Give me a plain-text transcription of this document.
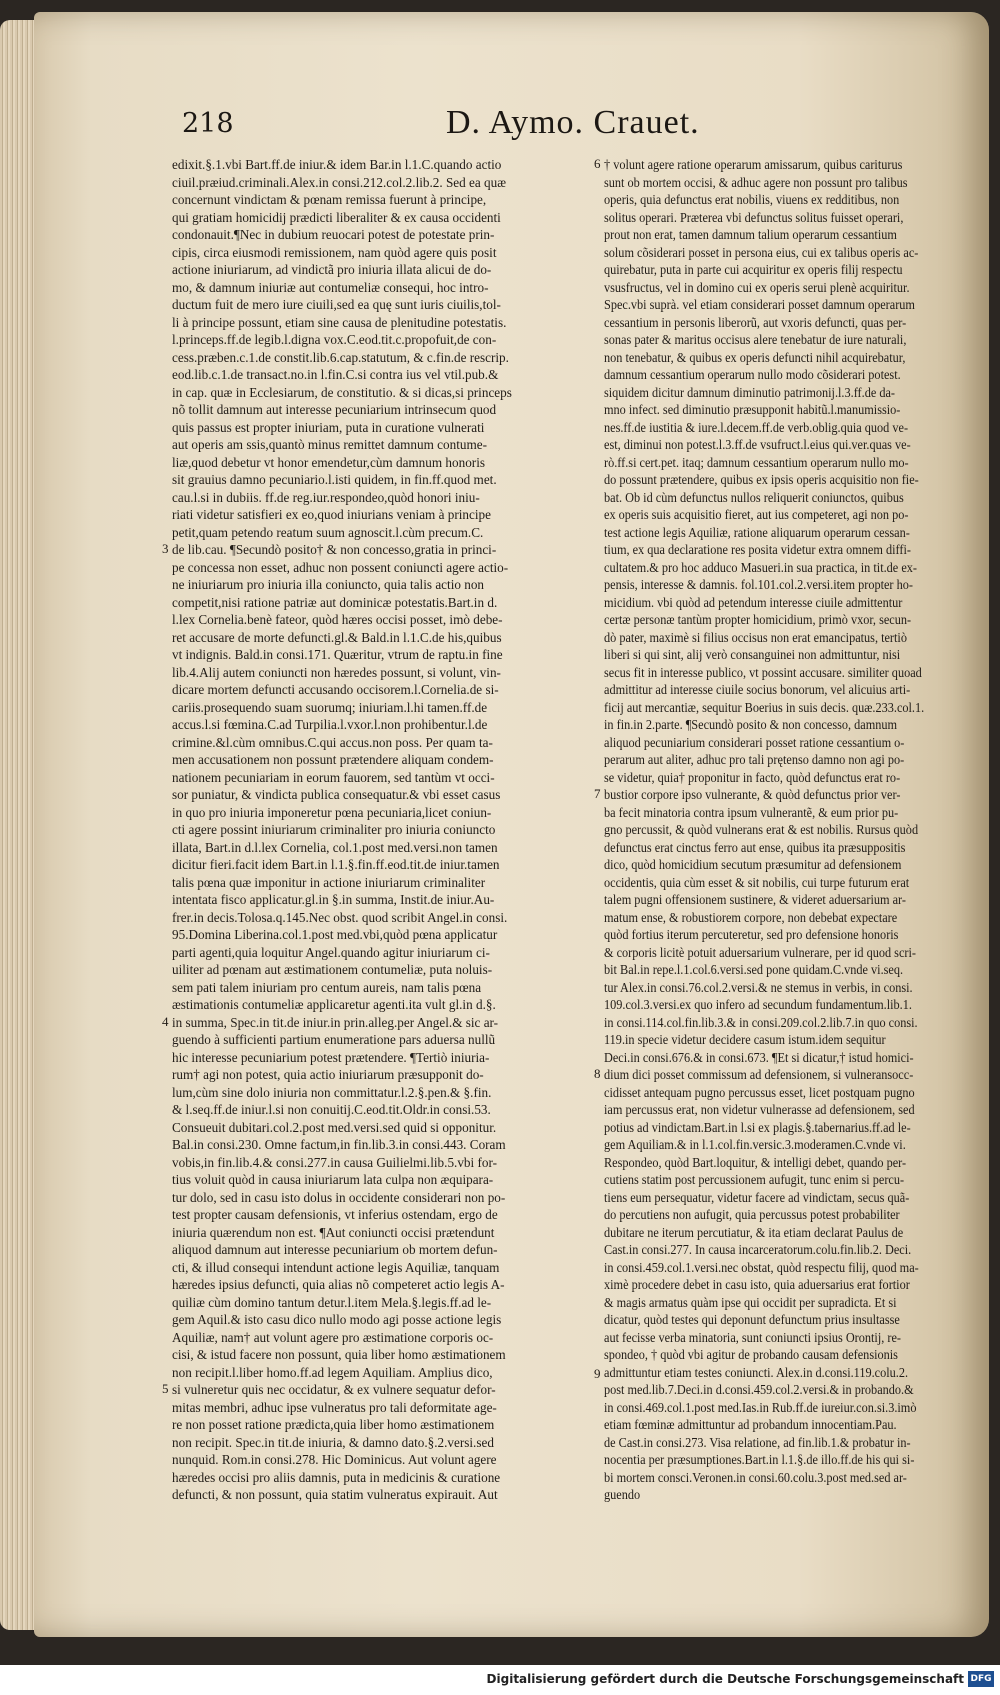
218	D. Aymo. Crauet.
edixit.§.1.vbi Bart.ff.de iniur.& idem Bar.in l.1.C.quando actio
ciuil.præiud.criminali.Alex.in consi.212.col.2.lib.2. Sed ea quæ
concernunt vindictam & pœnam remissa fuerunt à principe,
qui gratiam homicidij prædicti liberaliter & ex causa occidenti
condonauit.¶Nec in dubium reuocari potest de potestate prin-
cipis, circa eiusmodi remissionem, nam quòd agere quis posit
actione iniuriarum, ad vindictã pro iniuria illata alicui de do-
mo, & damnum iniuriæ aut contumeliæ consequi, hoc intro-
ductum fuit de mero iure ciuili,sed ea quę sunt iuris ciuilis,tol-
li à principe possunt, etiam sine causa de plenitudine potestatis.
l.princeps.ff.de legib.l.digna vox.C.eod.tit.c.propofuit,de con-
cess.præben.c.1.de constit.lib.6.cap.statutum, & c.fin.de rescrip.
eod.lib.c.1.de transact.no.in l.fin.C.si contra ius vel vtil.pub.&
in cap. quæ in Ecclesiarum, de constitutio. & si dicas,si princeps
nõ tollit damnum aut interesse pecuniarium intrinsecum quod
quis passus est propter iniuriam, puta in curatione vulnerati
aut operis am ssis,quantò minus remittet damnum contume-
liæ,quod debetur vt honor emendetur,cùm damnum honoris
sit grauius damno pecuniario.l.isti quidem, in fin.ff.quod met.
cau.l.si in dubiis. ff.de reg.iur.respondeo,quòd honori iniu-
riati videtur satisfieri ex eo,quod iniurians veniam à principe
petit,quam petendo reatum suum agnoscit.l.cùm precum.C.
de lib.cau. ¶Secundò posito† & non concesso,gratia in princi-
pe concessa non esset, adhuc non possent coniuncti agere actio-
ne iniuriarum pro iniuria illa coniuncto, quia talis actio non
competit,nisi ratione patriæ aut dominicæ potestatis.Bart.in d.
l.lex Cornelia.benè fateor, quòd hæres occisi posset, imò debe-
ret accusare de morte defuncti.gl.& Bald.in l.1.C.de his,quibus
vt indignis. Bald.in consi.171. Quæritur, vtrum de raptu.in fine
lib.4.Alij autem coniuncti non hæredes possunt, si volunt, vin-
dicare mortem defuncti accusando occisorem.l.Cornelia.de si-
cariis.prosequendo suam suorumq; iniuriam.l.hi tamen.ff.de
accus.l.si fœmina.C.ad Turpilia.l.vxor.l.non prohibentur.l.de
crimine.&l.cùm omnibus.C.qui accus.non poss. Per quam ta-
men accusationem non possunt prætendere aliquam condem-
nationem pecuniariam in eorum fauorem, sed tantùm vt occi-
sor puniatur, & vindicta publica consequatur.& vbi esset casus
in quo pro iniuria imponeretur pœna pecuniaria,licet coniun-
cti agere possint iniuriarum criminaliter pro iniuria coniuncto
illata, Bart.in d.l.lex Cornelia, col.1.post med.versi.non tamen
dicitur fieri.facit idem Bart.in l.1.§.fin.ff.eod.tit.de iniur.tamen
talis pœna quæ imponitur in actione iniuriarum criminaliter
intentata fisco applicatur.gl.in §.in summa, Instit.de iniur.Au-
frer.in decis.Tolosa.q.145.Nec obst. quod scribit Angel.in consi.
95.Domina Liberina.col.1.post med.vbi,quòd pœna applicatur
parti agenti,quia loquitur Angel.quando agitur iniuriarum ci-
uiliter ad pœnam aut æstimationem contumeliæ, puta noluis-
sem pati talem iniuriam pro centum aureis, nam talis pœna
æstimationis contumeliæ applicaretur agenti.ita vult gl.in d.§.
in summa, Spec.in tit.de iniur.in prin.alleg.per Angel.& sic ar-
guendo à sufficienti partium enumeratione pars aduersa nullũ
hic interesse pecuniarium potest prætendere. ¶Tertiò iniuria-
rum† agi non potest, quia actio iniuriarum præsupponit do-
lum,cùm sine dolo iniuria non committatur.l.2.§.pen.& §.fin.
& l.seq.ff.de iniur.l.si non conuitij.C.eod.tit.Oldr.in consi.53.
Consueuit dubitari.col.2.post med.versi.sed quid si opponitur.
Bal.in consi.230. Omne factum,in fin.lib.3.in consi.443. Coram
vobis,in fin.lib.4.& consi.277.in causa Guilielmi.lib.5.vbi for-
tius voluit quòd in causa iniuriarum lata culpa non æquipara-
tur dolo, sed in casu isto dolus in occidente considerari non po-
test propter causam defensionis, vt inferius ostendam, ergo de
iniuria quærendum non est. ¶Aut coniuncti occisi prætendunt
aliquod damnum aut interesse pecuniarium ob mortem defun-
cti, & illud consequi intendunt actione legis Aquiliæ, tanquam
hæredes ipsius defuncti, quia alias nõ competeret actio legis A-
quiliæ cùm domino tantum detur.l.item Mela.§.legis.ff.ad le-
gem Aquil.& isto casu dico nullo modo agi posse actione legis
Aquiliæ, nam† aut volunt agere pro æstimatione corporis oc-
cisi, & istud facere non possunt, quia liber homo æstimationem
non recipit.l.liber homo.ff.ad legem Aquiliam. Amplius dico,
si vulneretur quis nec occidatur, & ex vulnere sequatur defor-
mitas membri, adhuc ipse vulneratus pro tali deformitate age-
re non posset ratione prædicta,quia liber homo æstimationem
non recipit. Spec.in tit.de iniuria, & damno dato.§.2.versi.sed
nunquid. Rom.in consi.278. Hic Dominicus. Aut volunt agere
hæredes occisi pro aliis damnis, puta in medicinis & curatione
defuncti, & non possunt, quia statim vulneratus expirauit. Aut
† volunt agere ratione operarum amissarum, quibus cariturus
sunt ob mortem occisi, & adhuc agere non possunt pro talibus
operis, quia defunctus erat nobilis, viuens ex redditibus, non
solitus operari. Præterea vbi defunctus solitus fuisset operari,
prout non erat, tamen damnum talium operarum cessantium
solum cõsiderari posset in persona eius, cui ex talibus operis ac-
quirebatur, puta in parte cui acquiritur ex operis filij respectu
vsusfructus, vel in domino cui ex operis serui plenè acquiritur.
Spec.vbi suprà. vel etiam considerari posset damnum operarum
cessantium in personis liberorũ, aut vxoris defuncti, quas per-
sonas pater & maritus occisus alere tenebatur de iure naturali,
non tenebatur, & quibus ex operis defuncti nihil acquirebatur,
damnum cessantium operarum nullo modo cõsiderari potest.
siquidem dicitur damnum diminutio patrimonij.l.3.ff.de da-
mno infect. sed diminutio præsupponit habitũ.l.manumissio-
nes.ff.de iustitia & iure.l.decem.ff.de verb.oblig.quia quod ve-
est, diminui non potest.l.3.ff.de vsufruct.l.eius qui.ver.quas ve-
rò.ff.si cert.pet. itaq; damnum cessantium operarum nullo mo-
do possunt prætendere, quibus ex ipsis operis acquisitio non fie-
bat. Ob id cùm defunctus nullos reliquerit coniunctos, quibus
ex operis suis acquisitio fieret, aut ius competeret, agi non po-
test actione legis Aquiliæ, ratione aliquarum operarum cessan-
tium, ex qua declaratione res posita videtur extra omnem diffi-
cultatem.& pro hoc adduco Masueri.in sua practica, in tit.de ex-
pensis, interesse & damnis. fol.101.col.2.versi.item propter ho-
micidium. vbi quòd ad petendum interesse ciuile admittentur
certæ personæ tantùm propter homicidium, primò vxor, secun-
dò pater, maximè si filius occisus non erat emancipatus, tertiò
liberi si qui sint, alij verò consanguinei non admittuntur, nisi
secus fit in interesse publico, vt possint accusare. similiter quoad
admittitur ad interesse ciuile socius bonorum, vel alicuius arti-
ficij aut mercantiæ, sequitur Boerius in suis decis. quæ.233.col.1.
in fin.in 2.parte. ¶Secundò posito & non concesso, damnum
aliquod pecuniarium considerari posset ratione cessantium o-
perarum aut aliter, adhuc pro tali prętenso damno non agi po-
se videtur, quia† proponitur in facto, quòd defunctus erat ro-
bustior corpore ipso vulnerante, & quòd defunctus prior ver-
ba fecit minatoria contra ipsum vulnerantẽ, & eum prior pu-
gno percussit, & quòd vulnerans erat & est nobilis. Rursus quòd
defunctus erat cinctus ferro aut ense, quibus ita præsuppositis
dico, quòd homicidium secutum præsumitur ad defensionem
occidentis, quia cùm esset & sit nobilis, cui turpe futurum erat
talem pugni offensionem sustinere, & videret aduersarium ar-
matum ense, & robustiorem corpore, non debebat expectare
quòd fortius iterum percuteretur, sed pro defensione honoris
& corporis licitè potuit aduersarium vulnerare, per id quod scri-
bit Bal.in repe.l.1.col.6.versi.sed pone quidam.C.vnde vi.seq.
tur Alex.in consi.76.col.2.versi.& ne stemus in verbis, in consi.
109.col.3.versi.ex quo infero ad secundum fundamentum.lib.1.
in consi.114.col.fin.lib.3.& in consi.209.col.2.lib.7.in quo consi.
119.in specie videtur decidere casum istum.idem sequitur
Deci.in consi.676.& in consi.673. ¶Et si dicatur,† istud homici-
dium dici posset commissum ad defensionem, si vulneransocc-
cidisset antequam pugno percussus esset, licet postquam pugno
iam percussus erat, non videtur vulnerasse ad defensionem, sed
potius ad vindictam.Bart.in l.si ex plagis.§.tabernarius.ff.ad le-
gem Aquiliam.& in l.1.col.fin.versic.3.moderamen.C.vnde vi.
Respondeo, quòd Bart.loquitur, & intelligi debet, quando per-
cutiens statim post percussionem aufugit, tunc enim si percu-
tiens eum persequatur, videtur facere ad vindictam, secus quã-
do percutiens non aufugit, quia percussus potest probabiliter
dubitare ne iterum percutiatur, & ita etiam declarat Paulus de
Cast.in consi.277. In causa incarceratorum.colu.fin.lib.2. Deci.
in consi.459.col.1.versi.nec obstat, quòd respectu filij, quod ma-
ximè procedere debet in casu isto, quia aduersarius erat fortior
& magis armatus quàm ipse qui occidit per supradicta. Et si
dicatur, quòd testes qui deponunt defunctum prius insultasse
aut fecisse verba minatoria, sunt coniuncti ipsius Orontij, re-
spondeo, † quòd vbi agitur de probando causam defensionis
admittuntur etiam testes coniuncti. Alex.in d.consi.119.colu.2.
post med.lib.7.Deci.in d.consi.459.col.2.versi.& in probando.&
in consi.469.col.1.post med.Ias.in Rub.ff.de iureiur.con.si.3.imò
etiam fœminæ admittuntur ad probandum innocentiam.Pau.
de Cast.in consi.273. Visa relatione, ad fin.lib.1.& probatur in-
nocentia per præsumptiones.Bart.in l.1.§.de illo.ff.de his qui si-
bi mortem consci.Veronen.in consi.60.colu.3.post med.sed ar-
guendo
3
4
5
6
7
8
9
Digitalisierung gefördert durch die Deutsche Forschungsgemeinschaft DFG
